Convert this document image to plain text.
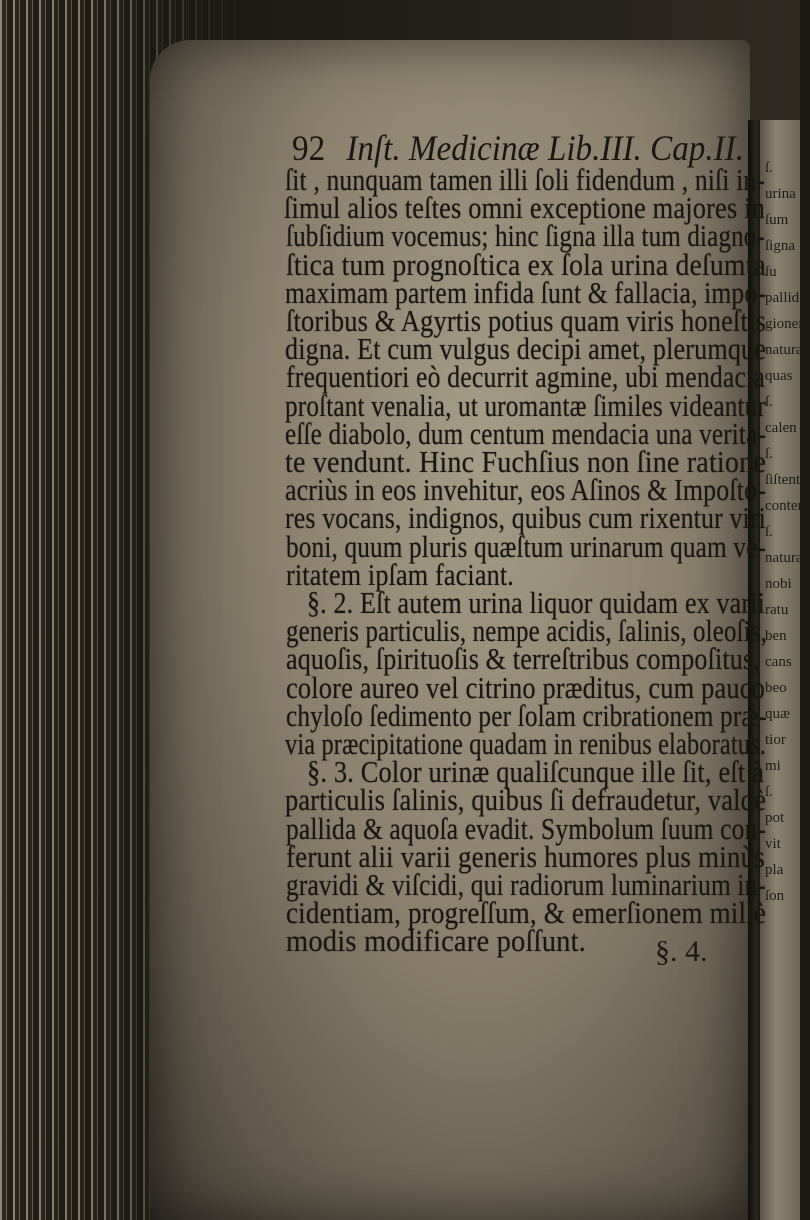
92 Inſt. Medicinæ Lib.III. Cap.II.
ſit , nunquam tamen illi ſoli fidendum , niſi in-
ſimul alios teſtes omni exceptione majores in
ſubſidium vocemus; hinc ſigna illa tum diagno-
ſtica tum prognoſtica ex ſola urina deſumta
maximam partem infida ſunt & fallacia, impo-
ſtoribus & Agyrtis potius quam viris honeſtis
digna. Et cum vulgus decipi amet, plerumque
frequentiori eò decurrit agmine, ubi mendacia
proſtant venalia, ut uromantæ ſimiles videantur
eſſe diabolo, dum centum mendacia una verita-
te vendunt. Hinc Fuchſius non ſine ratione
acriùs in eos invehitur, eos Aſinos & Impoſto-
res vocans, indignos, quibus cum rixentur viri
boni, quum pluris quæſtum urinarum quam ve-
ritatem ipſam faciant.
§. 2. Eſt autem urina liquor quidam ex varii
generis particulis, nempe acidis, ſalinis, oleoſis,
aquoſis, ſpirituoſis & terreſtribus compoſitus,
colore aureo vel citrino præditus, cum pauco
chyloſo ſedimento per ſolam cribrationem præ-
via præcipitatione quadam in renibus elaboratus.
§. 3. Color urinæ qualiſcunque ille ſit, eſt à
particulis ſalinis, quibus ſi defraudetur, valdè
pallida & aquoſa evadit. Symbolum ſuum con-
ferunt alii varii generis humores plus minùs
gravidi & viſcidi, qui radiorum luminarium in-
cidentiam, progreſſum, & emerſionem millè
modis modificare poſſunt. §. 4.
ſ.
urina
ſum
ſigna
ſu
pallidis
gionem
naturæ
quas
ſ.
calen
ſ.
ſiſtent
conten
ſ.
natura
nobi
ratu
ben
cans
beo
quæ
tior
mi
ſ.
pot
vit
pla
ſon
